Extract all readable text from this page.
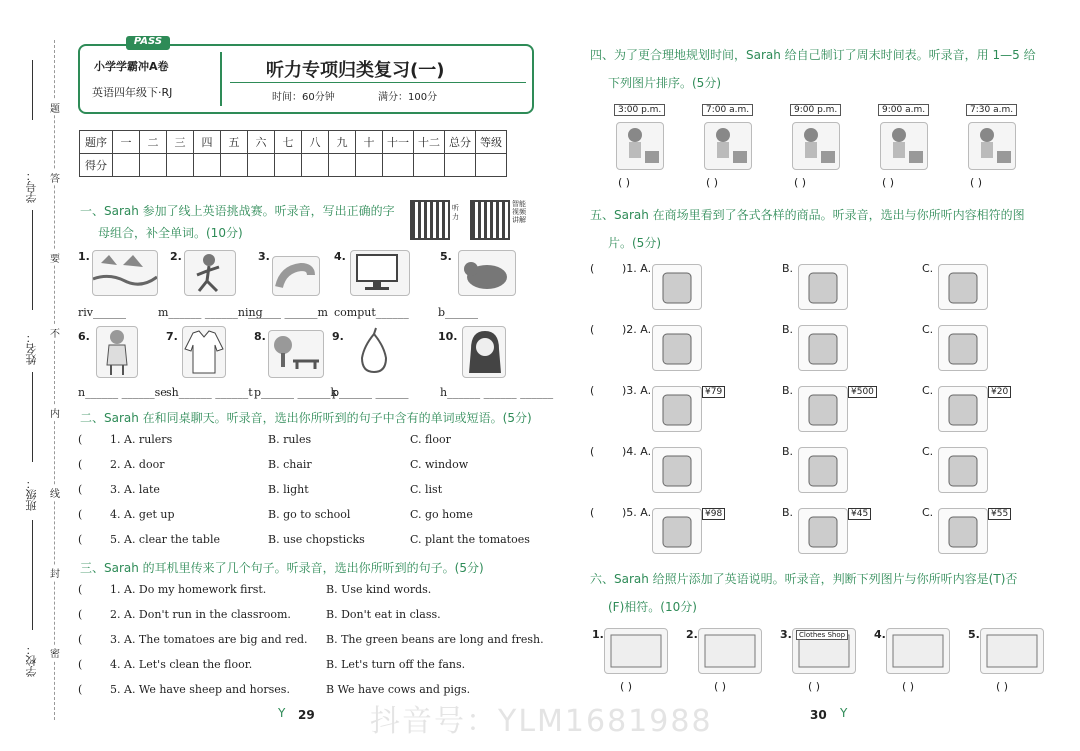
学号：
姓名：
班级：
学校：
题
答
要
不
内
线
封
密
PASS
小学学霸冲A卷
英语四年级下·RJ
听力专项归类复习(一)
时间：60分钟	满分：100分
题序	一	二	三	四	五	六	七	八	九	十	十一	十二	总分	等级
得分														
一、Sarah 参加了线上英语挑战赛。听录音，写出正确的字
母组合，补全单词。(10分)
听力
智能视频讲解
1.
riv______
2.
m______ ______ning
3.
______ ______m
4.
comput______
5.
b______
6.
n______ ______se
7.
sh______ ______t
8.
p______ ______k
9.
p______ ______
10.
h______ ______ ______
二、Sarah 在和同桌聊天。听录音，选出你所听到的句子中含有的单词或短语。(5分)
三、Sarah 的耳机里传来了几个句子。听录音，选出你所听到的句子。(5分)
Y 29 抖音号：YLM1681988	30 Y
四、为了更合理地规划时间，Sarah 给自己制订了周末时间表。听录音，用 1—5 给
下列图片排序。(5分)
五、Sarah 在商场里看到了各式各样的商品。听录音，选出与你所听内容相符的图
片。(5分)
六、Sarah 给照片添加了英语说明。听录音，判断下列图片与你所听内容是(T)否
(F)相符。(10分)
(	1. A. rulers	B. rules	C. floor
(	2. A. door	B. chair	C. window
(	3. A. late	B. light	C. list
(	4. A. get up	B. go to school	C. go home
(	5. A. clear the table	B. use chopsticks	C. plant the tomatoes
(	1. A. Do my homework first.	B. Use kind words.
(	2. A. Don't run in the classroom.	B. Don't eat in class.
(	3. A. The tomatoes are big and red. B. The green beans are long and fresh.
(	4. A. Let's clean the floor.	B. Let's turn off the fans.
(	5. A. We have sheep and horses.	B We have cows and pigs.
3:00 p.m.
( )
7:00 a.m.
( )
9:00 p.m.
( )
9:00 a.m.
( )
7:30 a.m.
( )
(	)1. A.	B.	C.
(	)2. A.	B.	C.
(	)3. A.	¥79	B.	¥500	C.	¥20
(	)4. A.	B.	C.
(	)5. A.	¥98	B.	¥45	C.	¥55
1.
( )
2.
( )
3.	Clothes Shop
( )
4.
( )
5.
( )
